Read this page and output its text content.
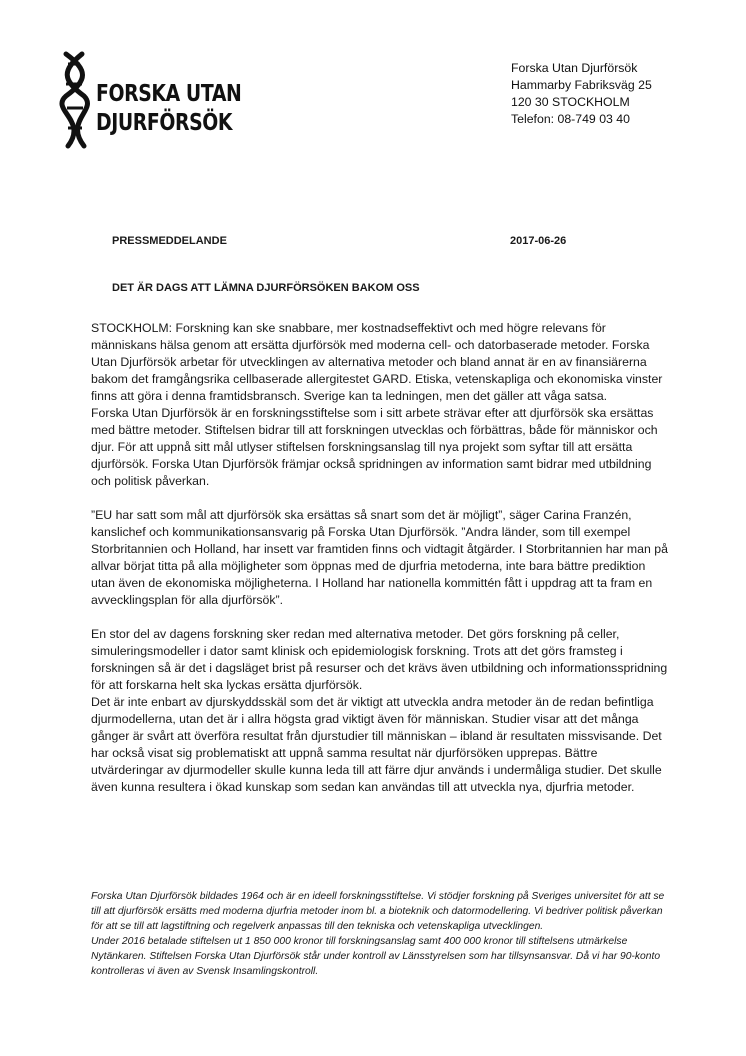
FORSKA UTAN
DJURFÖRSÖK
Forska Utan Djurförsök
Hammarby Fabriksväg 25
120 30 STOCKHOLM
Telefon: 08-749 03 40
PRESSMEDDELANDE	2017-06-26
DET ÄR DAGS ATT LÄMNA DJURFÖRSÖKEN BAKOM OSS

STOCKHOLM: Forskning kan ske snabbare, mer kostnadseffektivt och med högre relevans för människans hälsa genom att ersätta djurförsök med moderna cell- och datorbaserade metoder. Forska Utan Djurförsök arbetar för utvecklingen av alternativa metoder och bland annat är en av finansiärerna bakom det framgångsrika cellbaserade allergitestet GARD. Etiska, vetenskapliga och ekonomiska vinster finns att göra i denna framtidsbransch. Sverige kan ta ledningen, men det gäller att våga satsa.

Forska Utan Djurförsök är en forskningsstiftelse som i sitt arbete strävar efter att djurförsök ska ersättas med bättre metoder. Stiftelsen bidrar till att forskningen utvecklas och förbättras, både för människor och djur. För att uppnå sitt mål utlyser stiftelsen forskningsanslag till nya projekt som syftar till att ersätta djurförsök. Forska Utan Djurförsök främjar också spridningen av information samt bidrar med utbildning och politisk påverkan.

”EU har satt som mål att djurförsök ska ersättas så snart som det är möjligt”, säger Carina Franzén, kanslichef och kommunikationsansvarig på Forska Utan Djurförsök. ”Andra länder, som till exempel Storbritannien och Holland, har insett var framtiden finns och vidtagit åtgärder. I Storbritannien har man på allvar börjat titta på alla möjligheter som öppnas med de djurfria metoderna, inte bara bättre prediktion utan även de ekonomiska möjligheterna. I Holland har nationella kommittén fått i uppdrag att ta fram en avvecklingsplan för alla djurförsök”.

En stor del av dagens forskning sker redan med alternativa metoder. Det görs forskning på celler, simuleringsmodeller i dator samt klinisk och epidemiologisk forskning. Trots att det görs framsteg i forskningen så är det i dagsläget brist på resurser och det krävs även utbildning och informationsspridning för att forskarna helt ska lyckas ersätta djurförsök.

Det är inte enbart av djurskyddsskäl som det är viktigt att utveckla andra metoder än de redan befintliga djurmodellerna, utan det är i allra högsta grad viktigt även för människan. Studier visar att det många gånger är svårt att överföra resultat från djurstudier till människan – ibland är resultaten missvisande. Det har också visat sig problematiskt att uppnå samma resultat när djurförsöken upprepas. Bättre utvärderingar av djurmodeller skulle kunna leda till att färre djur används i undermåliga studier. Det skulle även kunna resultera i ökad kunskap som sedan kan användas till att utveckla nya, djurfria metoder.

Forska Utan Djurförsök bildades 1964 och är en ideell forskningsstiftelse. Vi stödjer forskning på Sveriges universitet för att se till att djurförsök ersätts med moderna djurfria metoder inom bl. a bioteknik och datormodellering. Vi bedriver politisk påverkan för att se till att lagstiftning och regelverk anpassas till den tekniska och vetenskapliga utvecklingen.

Under 2016 betalade stiftelsen ut 1 850 000 kronor till forskningsanslag samt 400 000 kronor till stiftelsens utmärkelse Nytänkaren. Stiftelsen Forska Utan Djurförsök står under kontroll av Länsstyrelsen som har tillsynsansvar. Då vi har 90-konto kontrolleras vi även av Svensk Insamlingskontroll.
